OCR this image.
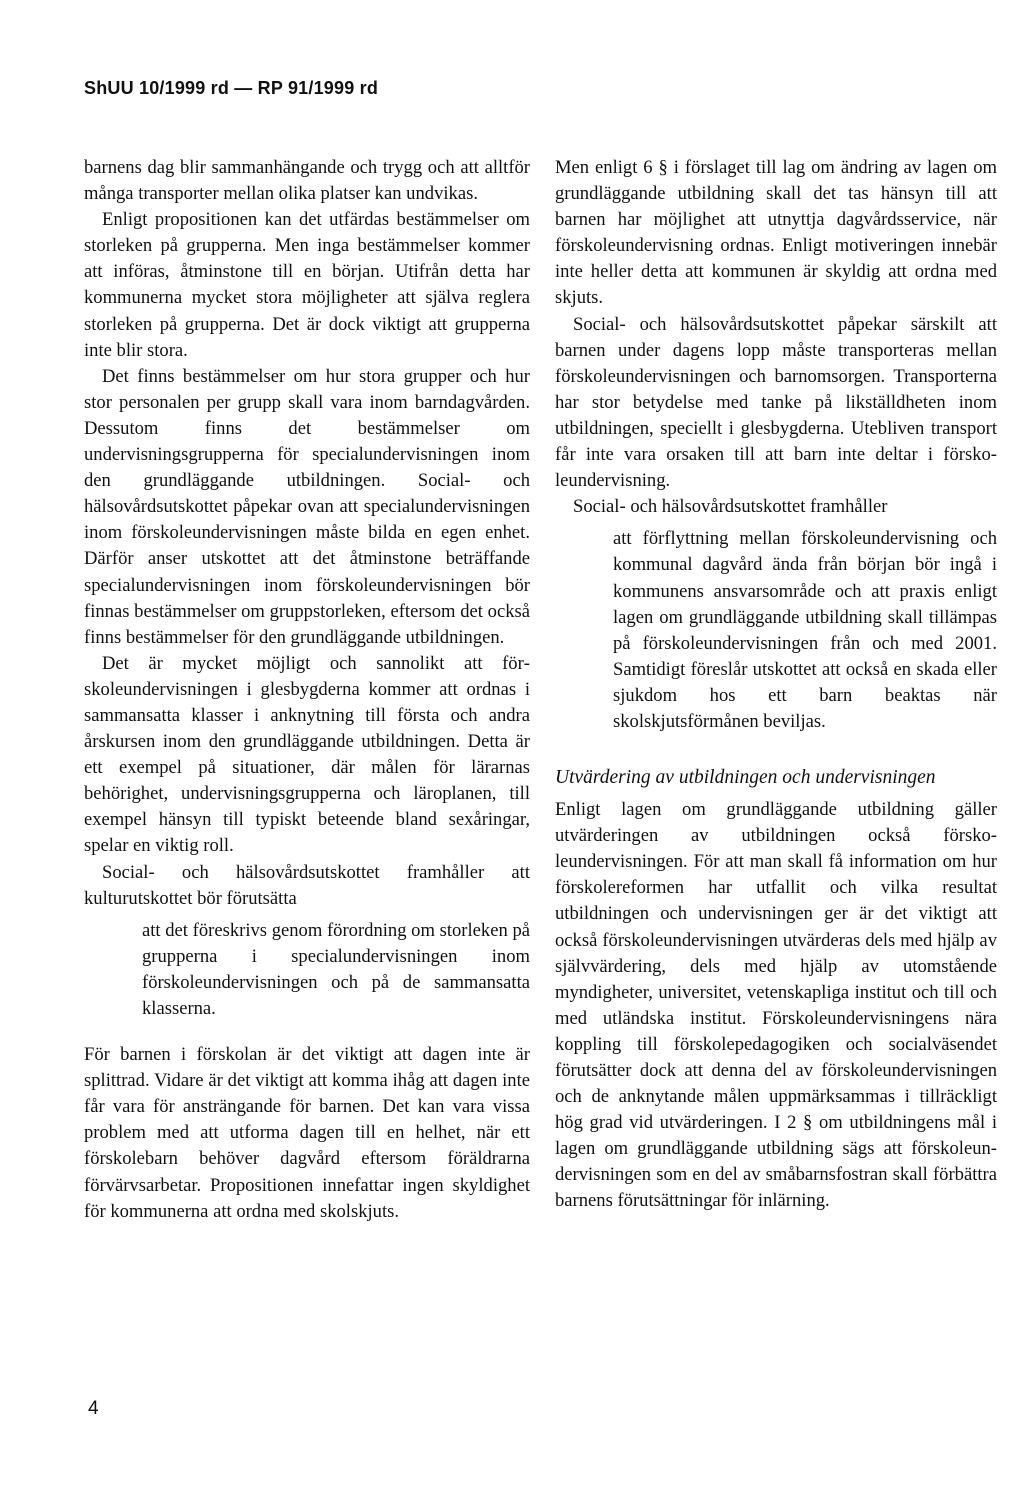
ShUU 10/1999 rd — RP 91/1999 rd

barnens dag blir sammanhängande och trygg och att alltför många transporter mellan olika platser kan undvikas.

Enligt propositionen kan det utfärdas bestämmelser om storleken på grupperna. Men inga bestämmelser kommer att införas, åtminstone till en början. Utifrån detta har kommunerna mycket stora möjligheter att själva reglera storleken på grupperna. Det är dock viktigt att grupperna inte blir stora.

Det finns bestämmelser om hur stora grupper och hur stor personalen per grupp skall vara inom barndagvården. Dessutom finns det bestämmelser om undervisningsgrupperna för specialundervisningen inom den grundläggande utbildningen. Social- och hälsovårdsutskottet påpekar ovan att specialundervisningen inom förskoleundervisningen måste bilda en egen enhet. Därför anser utskottet att det åtminstone beträffande specialundervisningen inom förskoleundervisningen bör finnas bestämmelser om gruppstorleken, eftersom det också finns bestämmelser för den grundläggande utbildningen.

Det är mycket möjligt och sannolikt att förskoleundervisningen i glesbygderna kommer att ordnas i sammansatta klasser i anknytning till första och andra årskursen inom den grundläggande utbildningen. Detta är ett exempel på situationer, där målen för lärarnas behörighet, undervisningsgrupperna och läroplanen, till exempel hänsyn till typiskt beteende bland sexåringar, spelar en viktig roll.

Social- och hälsovårdsutskottet framhåller att kulturutskottet bör förutsätta

att det föreskrivs genom förordning om storleken på grupperna i specialundervisningen inom förskoleundervisningen och på de sammansatta klasserna.

För barnen i förskolan är det viktigt att dagen inte är splittrad. Vidare är det viktigt att komma ihåg att dagen inte får vara för ansträngande för barnen. Det kan vara vissa problem med att utforma dagen till en helhet, när ett förskolebarn behöver dagvård eftersom föräldrarna förvärvsarbetar. Propositionen innefattar ingen skyldighet för kommunerna att ordna med skolskjuts.

Men enligt 6 § i förslaget till lag om ändring av lagen om grundläggande utbildning skall det tas hänsyn till att barnen har möjlighet att utnyttja dagvårdsservice, när förskoleundervisning ordnas. Enligt motiveringen innebär inte heller detta att kommunen är skyldig att ordna med skjuts.

Social- och hälsovårdsutskottet påpekar särskilt att barnen under dagens lopp måste transporteras mellan förskoleundervisningen och barnomsorgen. Transporterna har stor betydelse med tanke på likställdheten inom utbildningen, speciellt i glesbygderna. Utebliven transport får inte vara orsaken till att barn inte deltar i förskoleundervisning.

Social- och hälsovårdsutskottet framhåller

att förflyttning mellan förskoleundervisning och kommunal dagvård ända från början bör ingå i kommunens ansvarsområde och att praxis enligt lagen om grundläggande utbildning skall tillämpas på förskoleundervisningen från och med 2001. Samtidigt föreslår utskottet att också en skada eller sjukdom hos ett barn beaktas när skolskjutsförmånen beviljas.

Utvärdering av utbildningen och undervisningen

Enligt lagen om grundläggande utbildning gäller utvärderingen av utbildningen också förskoleundervisningen. För att man skall få information om hur förskolereformen har utfallit och vilka resultat utbildningen och undervisningen ger är det viktigt att också förskoleundervisningen utvärderas dels med hjälp av självvärdering, dels med hjälp av utomstående myndigheter, universitet, vetenskapliga institut och till och med utländska institut. Förskoleundervisningens nära koppling till förskolepedagogiken och socialväsendet förutsätter dock att denna del av förskoleundervisningen och de anknytande målen uppmärksammas i tillräckligt hög grad vid utvärderingen. I 2 § om utbildningens mål i lagen om grundläggande utbildning sägs att förskoleundervisningen som en del av småbarnsfostran skall förbättra barnens förutsättningar för inlärning.

4
